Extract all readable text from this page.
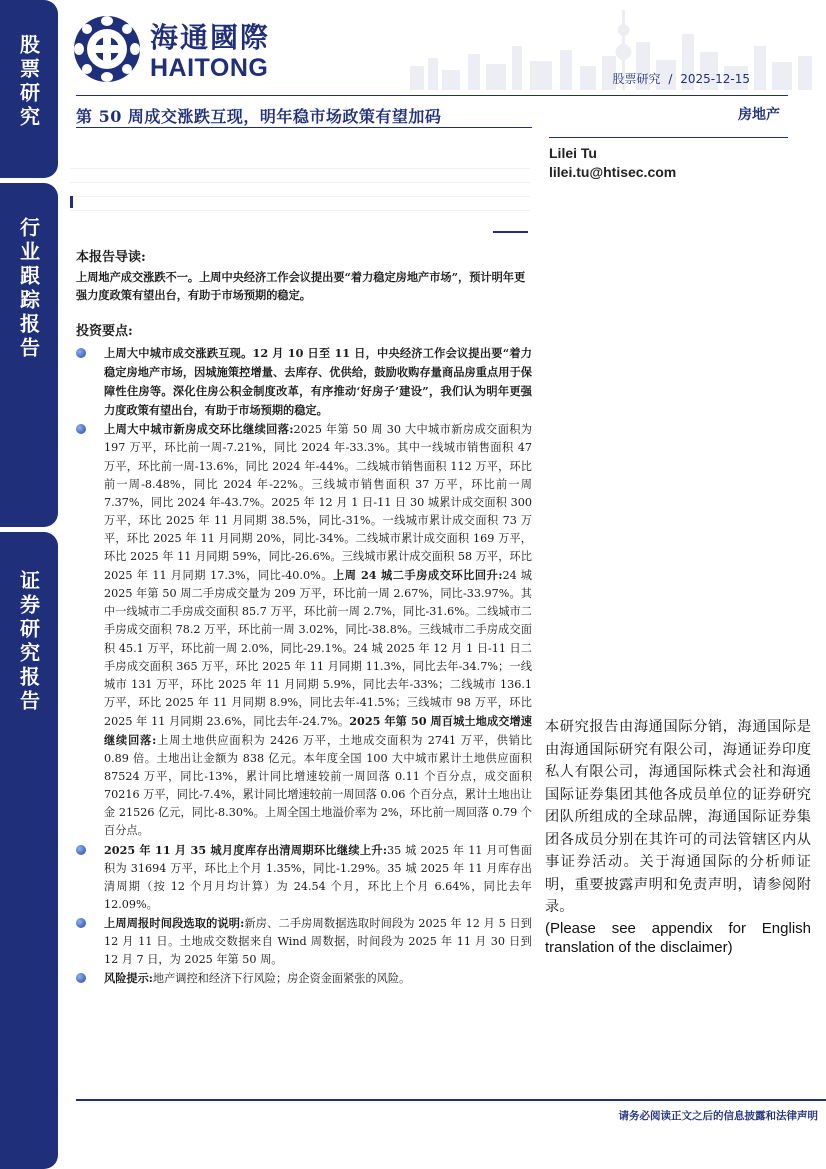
股票研究
行业跟踪报告
证券研究报告
海通國際
HAITONG	股票研究 / 2025-12-15
第 50 周成交涨跌互现，明年稳市场政策有望加码	房地产
Lilei Tu
lilei.tu@htisec.com
本报告导读:
上周地产成交涨跌不一。上周中央经济工作会议提出要“着力稳定房地产市场”，预计明年更强力度政策有望出台，有助于市场预期的稳定。
投资要点:
上周大中城市成交涨跌互现。12 月 10 日至 11 日，中央经济工作会议提出要“着力稳定房地产市场，因城施策控增量、去库存、优供给，鼓励收购存量商品房重点用于保障性住房等。深化住房公积金制度改革，有序推动‘好房子’建设”，我们认为明年更强力度政策有望出台，有助于市场预期的稳定。
上周大中城市新房成交环比继续回落:2025 年第 50 周 30 大中城市新房成交面积为 197 万平，环比前一周-7.21%，同比 2024 年-33.3%。其中一线城市销售面积 47 万平，环比前一周-13.6%，同比 2024 年-44%。二线城市销售面积 112 万平，环比前一周-8.48%，同比 2024 年-22%。三线城市销售面积 37 万平，环比前一周 7.37%，同比 2024 年-43.7%。2025 年 12 月 1 日-11 日 30 城累计成交面积 300 万平，环比 2025 年 11 月同期 38.5%，同比-31%。一线城市累计成交面积 73 万平，环比 2025 年 11 月同期 20%，同比-34%。二线城市累计成交面积 169 万平，环比 2025 年 11 月同期 59%，同比-26.6%。三线城市累计成交面积 58 万平，环比 2025 年 11 月同期 17.3%，同比-40.0%。上周 24 城二手房成交环比回升:24 城 2025 年第 50 周二手房成交量为 209 万平，环比前一周 2.67%，同比-33.97%。其中一线城市二手房成交面积 85.7 万平，环比前一周 2.7%，同比-31.6%。二线城市二手房成交面积 78.2 万平，环比前一周 3.02%，同比-38.8%。三线城市二手房成交面积 45.1 万平，环比前一周 2.0%，同比-29.1%。24 城 2025 年 12 月 1 日-11 日二手房成交面积 365 万平，环比 2025 年 11 月同期 11.3%，同比去年-34.7%；一线城市 131 万平，环比 2025 年 11 月同期 5.9%，同比去年-33%；二线城市 136.1 万平，环比 2025 年 11 月同期 8.9%，同比去年-41.5%；三线城市 98 万平，环比 2025 年 11 月同期 23.6%，同比去年-24.7%。2025 年第 50 周百城土地成交增速继续回落:上周土地供应面积为 2426 万平，土地成交面积为 2741 万平，供销比 0.89 倍。土地出让金额为 838 亿元。本年度全国 100 大中城市累计土地供应面积 87524 万平，同比-13%，累计同比增速较前一周回落 0.11 个百分点，成交面积 70216 万平，同比-7.4%，累计同比增速较前一周回落 0.06 个百分点，累计土地出让金 21526 亿元，同比-8.30%。上周全国土地溢价率为 2%，环比前一周回落 0.79 个百分点。
2025 年 11 月 35 城月度库存出清周期环比继续上升:35 城 2025 年 11 月可售面积为 31694 万平，环比上个月 1.35%，同比-1.29%。35 城 2025 年 11 月库存出清周期（按 12 个月月均计算）为 24.54 个月，环比上个月 6.64%，同比去年 12.09%。
上周周报时间段选取的说明:新房、二手房周数据选取时间段为 2025 年 12 月 5 日到 12 月 11 日。土地成交数据来自 Wind 周数据，时间段为 2025 年 11 月 30 日到 12 月 7 日，为 2025 年第 50 周。
风险提示:地产调控和经济下行风险；房企资金面紧张的风险。
本研究报告由海通国际分销，海通国际是由海通国际研究有限公司，海通证券印度私人有限公司，海通国际株式会社和海通国际证券集团其他各成员单位的证券研究团队所组成的全球品牌，海通国际证券集团各成员分别在其许可的司法管辖区内从事证券活动。关于海通国际的分析师证明，重要披露声明和免责声明，请参阅附录。
(Please see appendix for English translation of the disclaimer)
请务必阅读正文之后的信息披露和法律声明
